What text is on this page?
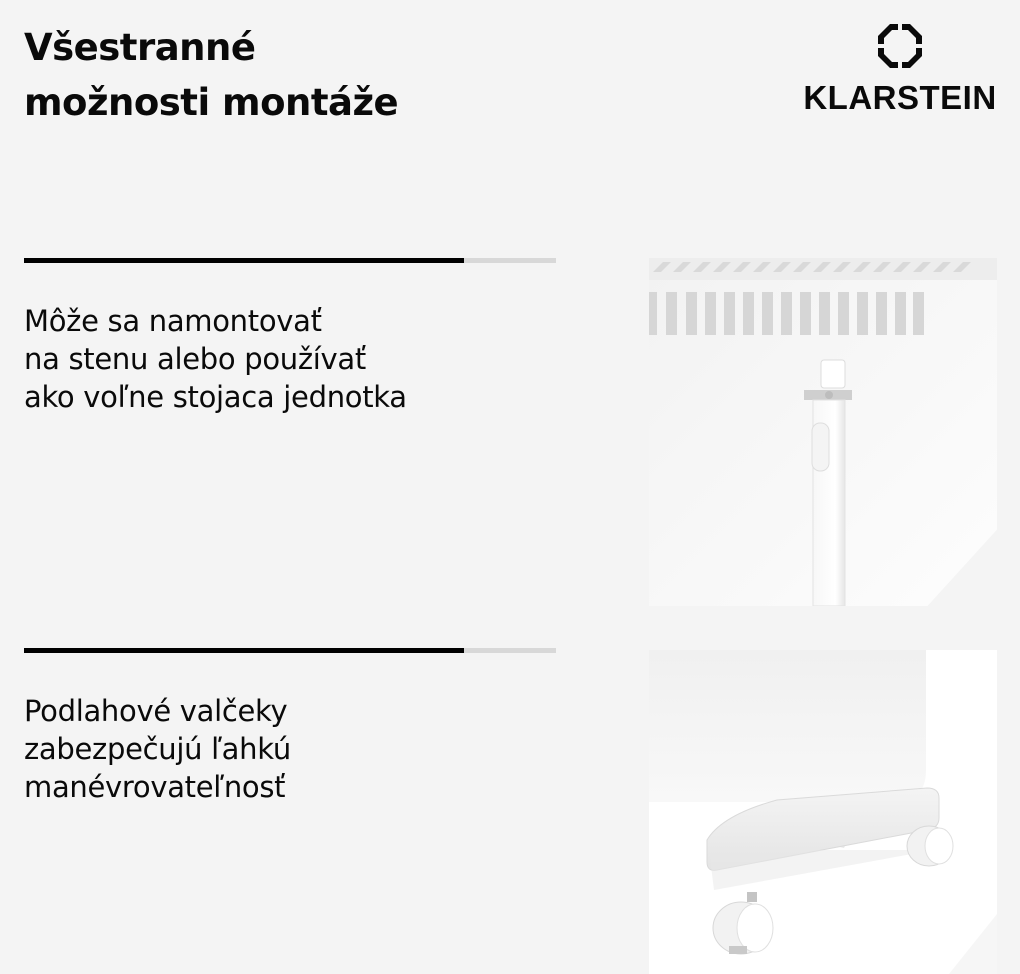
Všestranné
možnosti montáže	KLARSTEIN

Môže sa namontovať
na stenu alebo používať
ako voľne stojaca jednotka

Podlahové valčeky
zabezpečujú ľahkú
manévrovateľnosť
